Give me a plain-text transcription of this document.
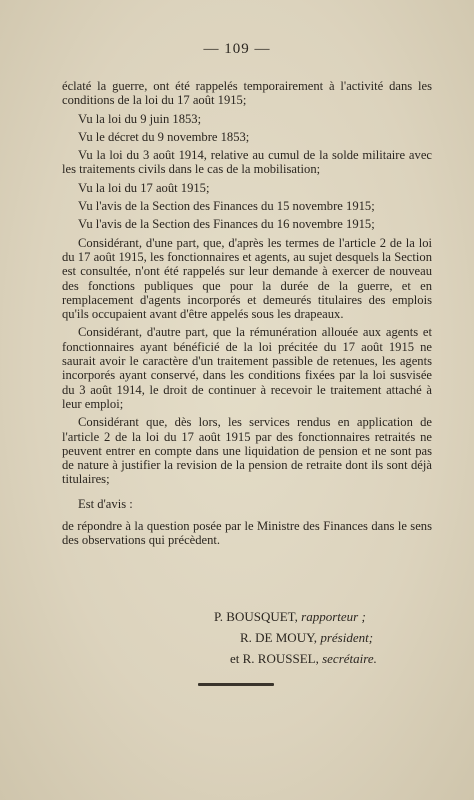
— 109 —

éclaté la guerre, ont été rappelés temporairement à l'activité dans les conditions de la loi du 17 août 1915;

Vu la loi du 9 juin 1853;

Vu le décret du 9 novembre 1853;

Vu la loi du 3 août 1914, relative au cumul de la solde militaire avec les traitements civils dans le cas de la mobilisation;

Vu la loi du 17 août 1915;

Vu l'avis de la Section des Finances du 15 novembre 1915;

Vu l'avis de la Section des Finances du 16 novembre 1915;

Considérant, d'une part, que, d'après les termes de l'article 2 de la loi du 17 août 1915, les fonctionnaires et agents, au sujet desquels la Section est consultée, n'ont été rappelés sur leur demande à exercer de nouveau des fonctions publiques que pour la durée de la guerre, et en remplacement d'agents incorporés et demeurés titulaires des emplois qu'ils occupaient avant d'être appelés sous les drapeaux.

Considérant, d'autre part, que la rémunération allouée aux agents et fonctionnaires ayant bénéficié de la loi précitée du 17 août 1915 ne saurait avoir le caractère d'un traitement passible de retenues, les agents incorporés ayant conservé, dans les conditions fixées par la loi susvisée du 3 août 1914, le droit de continuer à recevoir le traitement attaché à leur emploi;

Considérant que, dès lors, les services rendus en application de l'article 2 de la loi du 17 août 1915 par des fonctionnaires retraités ne peuvent entrer en compte dans une liquidation de pension et ne sont pas de nature à justifier la revision de la pension de retraite dont ils sont déjà titulaires;

Est d'avis :

de répondre à la question posée par le Ministre des Finances dans le sens des observations qui précèdent.

P. BOUSQUET, rapporteur ;
R. DE MOUY, président;
et R. ROUSSEL, secrétaire.
